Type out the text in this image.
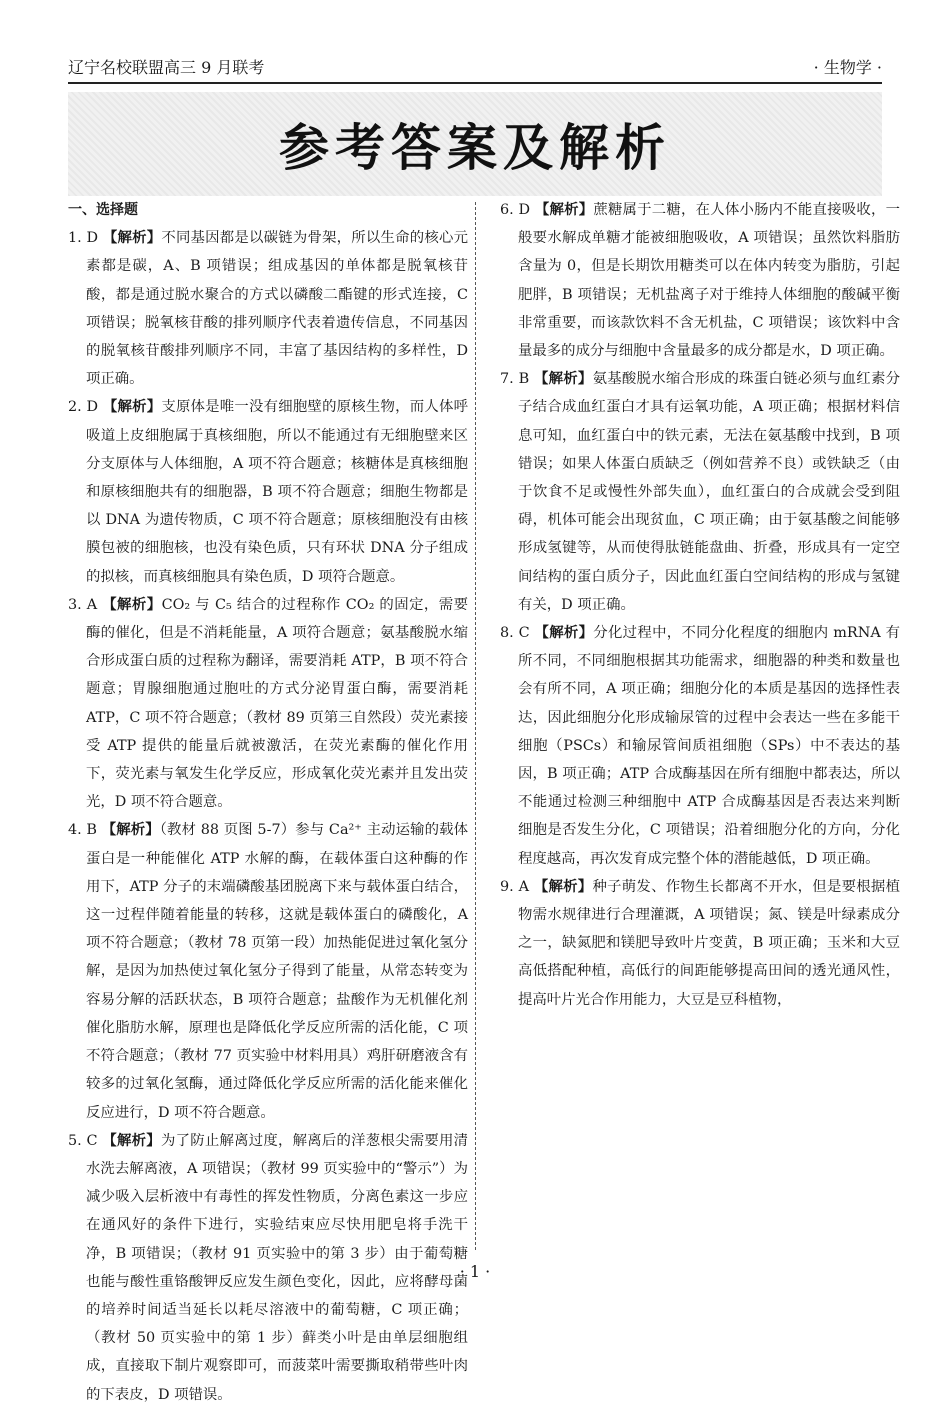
辽宁名校联盟高三 9 月联考	· 生物学 ·
参考答案及解析
一、选择题

1. D 【解析】不同基因都是以碳链为骨架，所以生命的核心元素都是碳，A、B 项错误；组成基因的单体都是脱氧核苷酸，都是通过脱水聚合的方式以磷酸二酯键的形式连接，C 项错误；脱氧核苷酸的排列顺序代表着遗传信息，不同基因的脱氧核苷酸排列顺序不同，丰富了基因结构的多样性，D 项正确。

2. D 【解析】支原体是唯一没有细胞壁的原核生物，而人体呼吸道上皮细胞属于真核细胞，所以不能通过有无细胞壁来区分支原体与人体细胞，A 项不符合题意；核糖体是真核细胞和原核细胞共有的细胞器，B 项不符合题意；细胞生物都是以 DNA 为遗传物质，C 项不符合题意；原核细胞没有由核膜包被的细胞核，也没有染色质，只有环状 DNA 分子组成的拟核，而真核细胞具有染色质，D 项符合题意。

3. A 【解析】CO₂ 与 C₅ 结合的过程称作 CO₂ 的固定，需要酶的催化，但是不消耗能量，A 项符合题意；氨基酸脱水缩合形成蛋白质的过程称为翻译，需要消耗 ATP，B 项不符合题意；胃腺细胞通过胞吐的方式分泌胃蛋白酶，需要消耗 ATP，C 项不符合题意；（教材 89 页第三自然段）荧光素接受 ATP 提供的能量后就被激活，在荧光素酶的催化作用下，荧光素与氧发生化学反应，形成氧化荧光素并且发出荧光，D 项不符合题意。

4. B 【解析】（教材 88 页图 5-7）参与 Ca²⁺ 主动运输的载体蛋白是一种能催化 ATP 水解的酶，在载体蛋白这种酶的作用下，ATP 分子的末端磷酸基团脱离下来与载体蛋白结合，这一过程伴随着能量的转移，这就是载体蛋白的磷酸化，A 项不符合题意；（教材 78 页第一段）加热能促进过氧化氢分解，是因为加热使过氧化氢分子得到了能量，从常态转变为容易分解的活跃状态，B 项符合题意；盐酸作为无机催化剂催化脂肪水解，原理也是降低化学反应所需的活化能，C 项不符合题意；（教材 77 页实验中材料用具）鸡肝研磨液含有较多的过氧化氢酶，通过降低化学反应所需的活化能来催化反应进行，D 项不符合题意。

5. C 【解析】为了防止解离过度，解离后的洋葱根尖需要用清水洗去解离液，A 项错误；（教材 99 页实验中的“警示”）为减少吸入层析液中有毒性的挥发性物质，分离色素这一步应在通风好的条件下进行，实验结束应尽快用肥皂将手洗干净，B 项错误；（教材 91 页实验中的第 3 步）由于葡萄糖也能与酸性重铬酸钾反应发生颜色变化，因此，应将酵母菌的培养时间适当延长以耗尽溶液中的葡萄糖，C 项正确；（教材 50 页实验中的第 1 步）藓类小叶是由单层细胞组成，直接取下制片观察即可，而菠菜叶需要撕取稍带些叶肉的下表皮，D 项错误。

6. D 【解析】蔗糖属于二糖，在人体小肠内不能直接吸收，一般要水解成单糖才能被细胞吸收，A 项错误；虽然饮料脂肪含量为 0，但是长期饮用糖类可以在体内转变为脂肪，引起肥胖，B 项错误；无机盐离子对于维持人体细胞的酸碱平衡非常重要，而该款饮料不含无机盐，C 项错误；该饮料中含量最多的成分与细胞中含量最多的成分都是水，D 项正确。

7. B 【解析】氨基酸脱水缩合形成的珠蛋白链必须与血红素分子结合成血红蛋白才具有运氧功能，A 项正确；根据材料信息可知，血红蛋白中的铁元素，无法在氨基酸中找到，B 项错误；如果人体蛋白质缺乏（例如营养不良）或铁缺乏（由于饮食不足或慢性外部失血），血红蛋白的合成就会受到阻碍，机体可能会出现贫血，C 项正确；由于氨基酸之间能够形成氢键等，从而使得肽链能盘曲、折叠，形成具有一定空间结构的蛋白质分子，因此血红蛋白空间结构的形成与氢键有关，D 项正确。

8. C 【解析】分化过程中，不同分化程度的细胞内 mRNA 有所不同，不同细胞根据其功能需求，细胞器的种类和数量也会有所不同，A 项正确；细胞分化的本质是基因的选择性表达，因此细胞分化形成输尿管的过程中会表达一些在多能干细胞（PSCs）和输尿管间质祖细胞（SPs）中不表达的基因，B 项正确；ATP 合成酶基因在所有细胞中都表达，所以不能通过检测三种细胞中 ATP 合成酶基因是否表达来判断细胞是否发生分化，C 项错误；沿着细胞分化的方向，分化程度越高，再次发育成完整个体的潜能越低，D 项正确。

9. A 【解析】种子萌发、作物生长都离不开水，但是要根据植物需水规律进行合理灌溉，A 项错误；氮、镁是叶绿素成分之一，缺氮肥和镁肥导致叶片变黄，B 项正确；玉米和大豆高低搭配种植，高低行的间距能够提高田间的透光通风性，提高叶片光合作用能力，大豆是豆科植物，

· 1 ·
